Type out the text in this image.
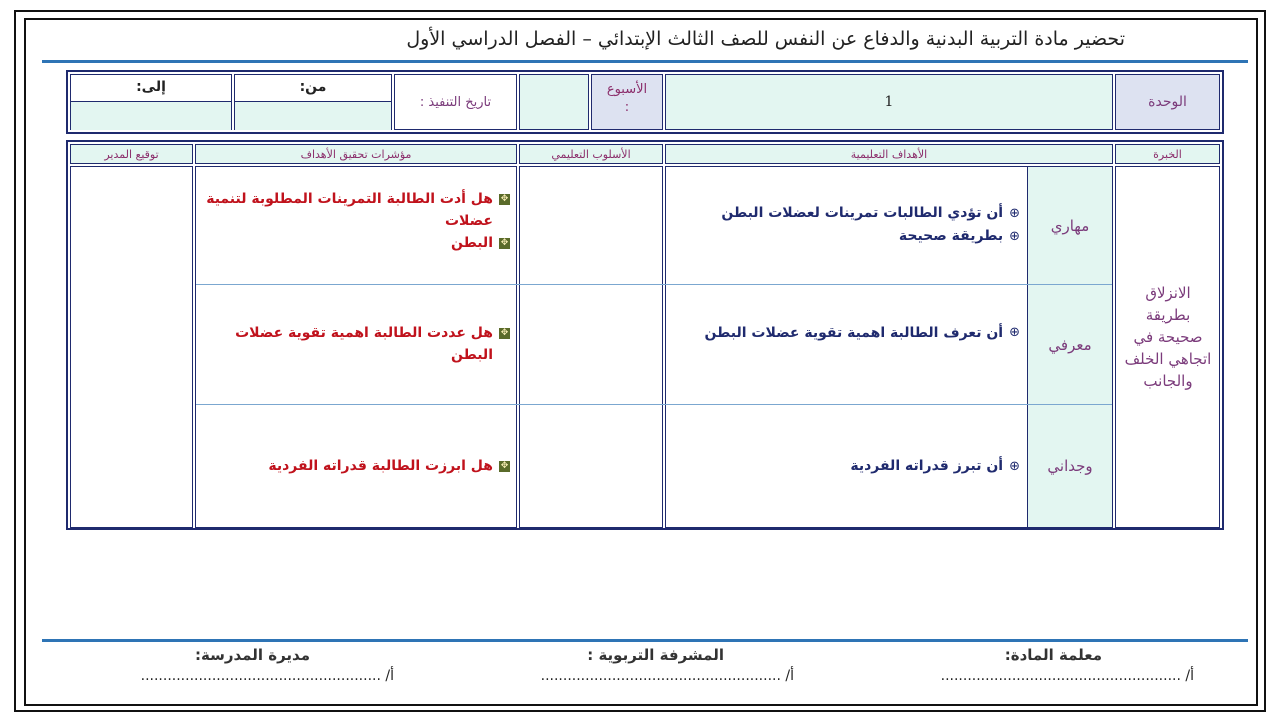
تحضير مادة التربية البدنية والدفاع عن النفس للصف الثالث الإبتدائي – الفصل الدراسي الأول
الوحدة
1
الأسبوع
:
تاريخ التنفيذ :
من:
إلى:
الخبرة
الأهداف التعليمية
الأسلوب التعليمي
مؤشرات تحقيق الأهداف
توقيع المدير
مهاري
معرفي
وجداني
الانزلاق بطريقة صحيحة في اتجاهي الخلف والجانب
⊕أن تؤدي الطالبات تمرينات لعضلات البطن
⊕بطريقة صحيحة
⊕
أن تعرف الطالبة اهمية تقوية عضلات البطن
⊕أن تبرز قدراته الفردية
✥
هل أدت الطالبة التمرينات المطلوبة لتنمية عضلات
✥البطن
✥
هل عددت الطالبة اهمية تقوية عضلات البطن
✥هل ابرزت الطالبة قدراته الفردية
معلمة المادة:
أ/ ......................................................
المشرفة التربوية :
أ/ ......................................................
مديرة المدرسة:
أ/ ......................................................
